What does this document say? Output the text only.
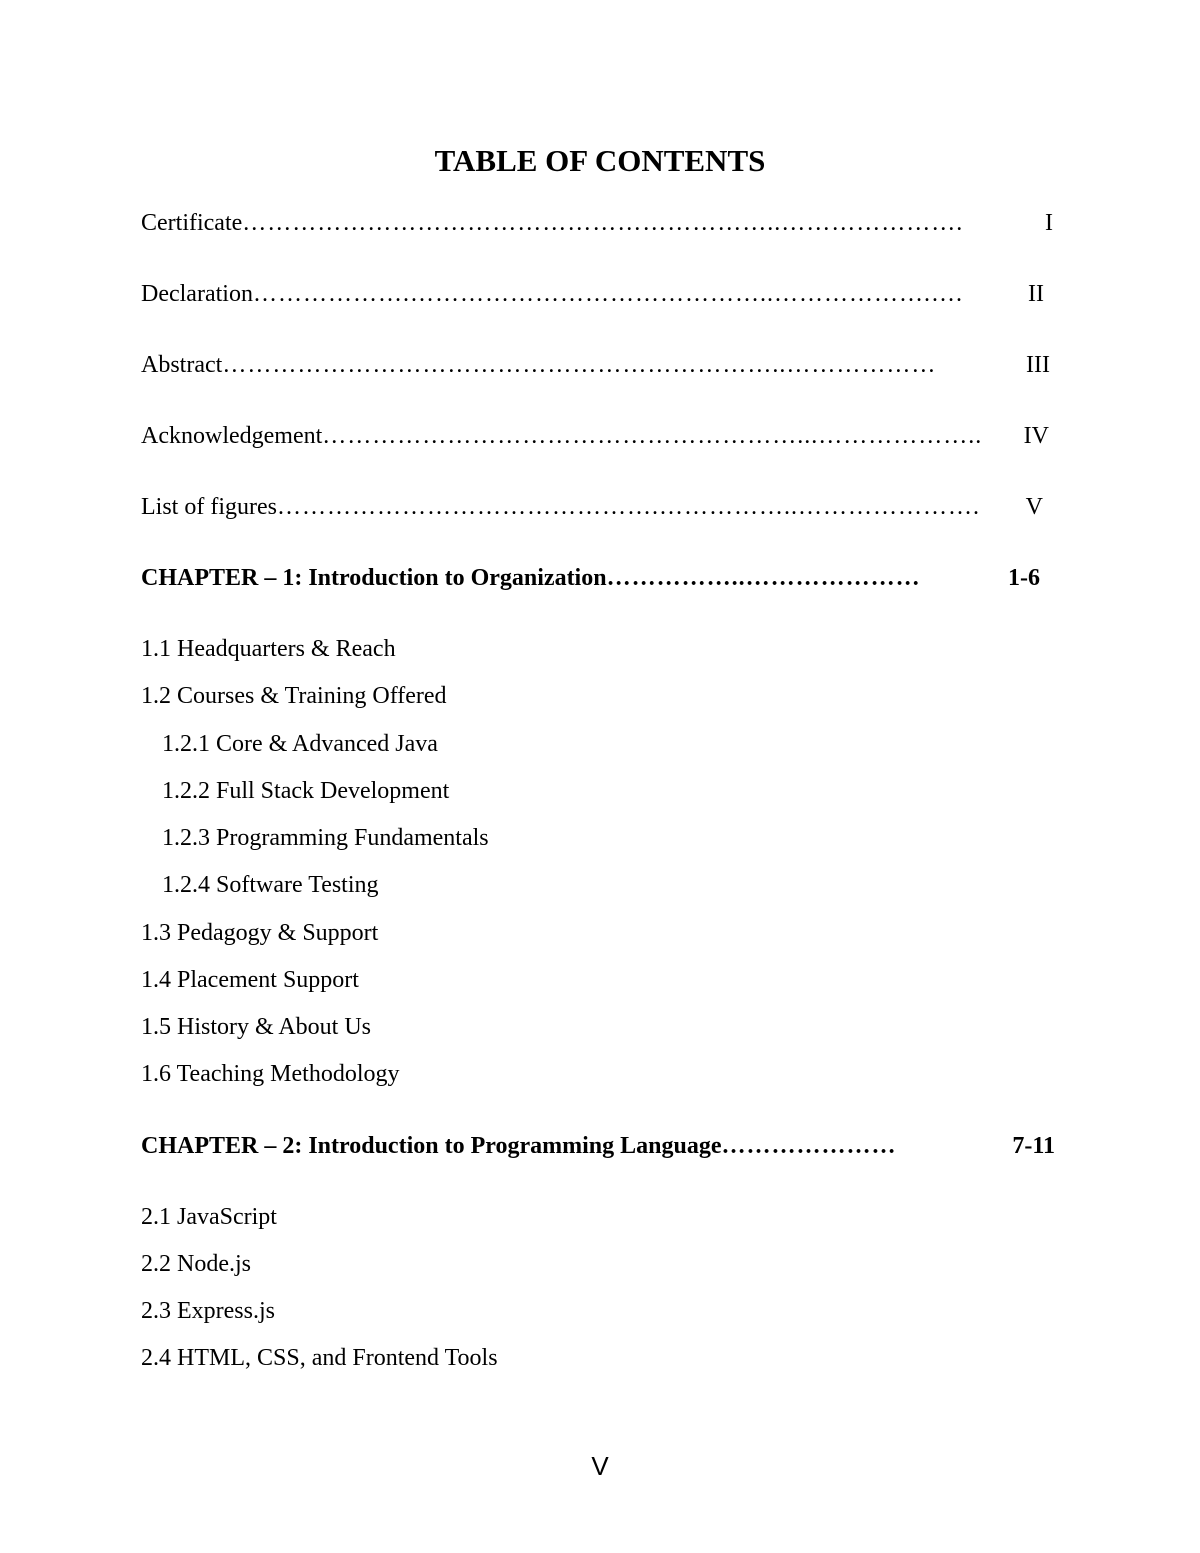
TABLE OF CONTENTS
Certificate ………………………………………………………..………………….	I
Declaration ……………….……………………………………..……………….….	II
Abstract …………………………………………………………..………………	III
Acknowledgement …………………………………………………...………………..	IV
List of figures ……………………………………….……………..………………….	V
CHAPTER – 1: Introduction to Organization ……………..…………………	1-6
1.1 Headquarters & Reach
1.2 Courses & Training Offered
1.2.1 Core & Advanced Java
1.2.2 Full Stack Development
1.2.3 Programming Fundamentals
1.2.4 Software Testing
1.3 Pedagogy & Support
1.4 Placement Support
1.5 History & About Us
1.6 Teaching Methodology
CHAPTER – 2: Introduction to Programming Language …………………	7-11
2.1 JavaScript
2.2 Node.js
2.3 Express.js
2.4 HTML, CSS, and Frontend Tools
V
